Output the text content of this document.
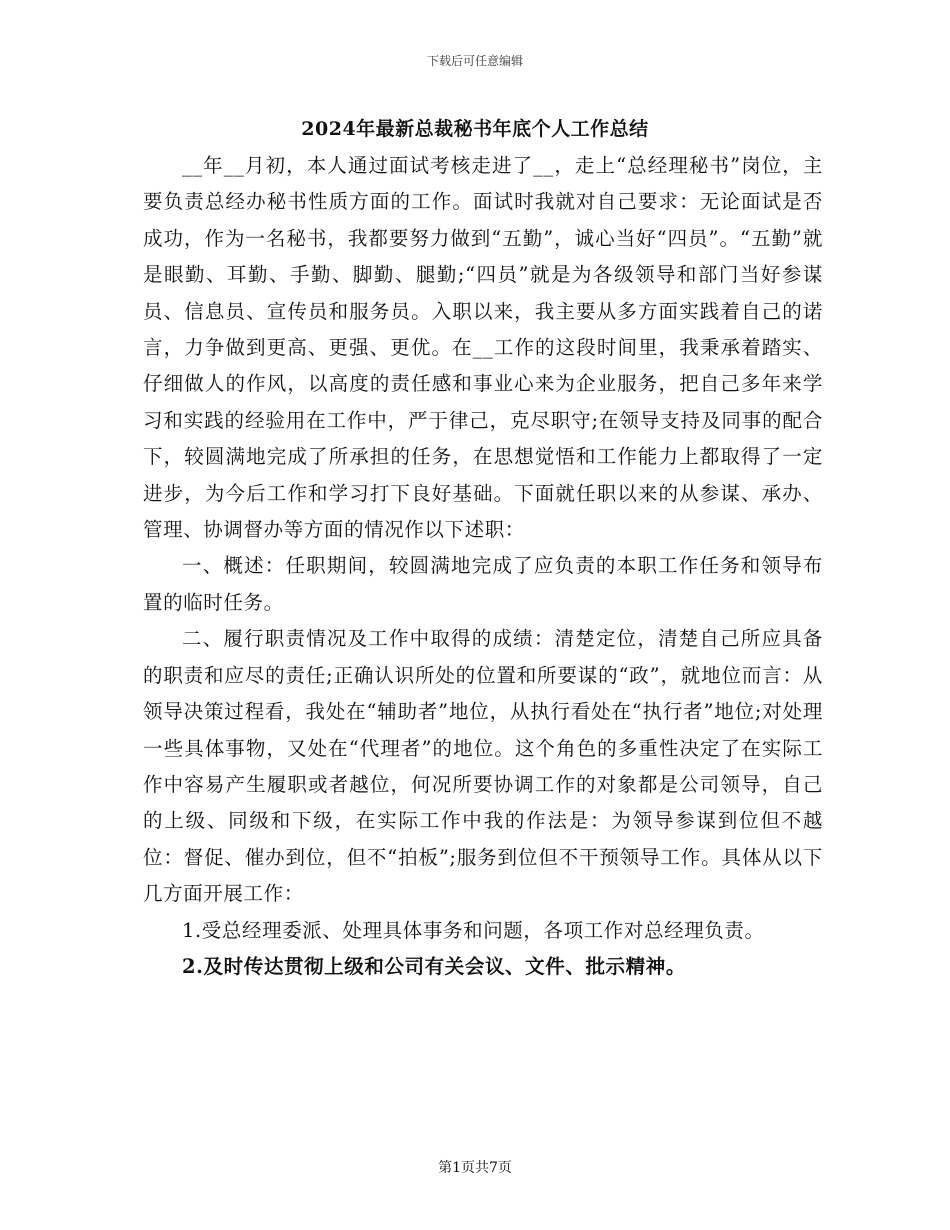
下载后可任意编辑
2024年最新总裁秘书年底个人工作总结

__年__月初，本人通过面试考核走进了__，走上“总经理秘书”岗位，主要负责总经办秘书性质方面的工作。面试时我就对自己要求：无论面试是否成功，作为一名秘书，我都要努力做到“五勤”，诚心当好“四员”。“五勤”就是眼勤、耳勤、手勤、脚勤、腿勤;“四员”就是为各级领导和部门当好参谋员、信息员、宣传员和服务员。入职以来，我主要从多方面实践着自己的诺言，力争做到更高、更强、更优。在__工作的这段时间里，我秉承着踏实、仔细做人的作风，以高度的责任感和事业心来为企业服务，把自己多年来学习和实践的经验用在工作中，严于律己，克尽职守;在领导支持及同事的配合下，较圆满地完成了所承担的任务，在思想觉悟和工作能力上都取得了一定进步，为今后工作和学习打下良好基础。下面就任职以来的从参谋、承办、管理、协调督办等方面的情况作以下述职：

一、概述：任职期间，较圆满地完成了应负责的本职工作任务和领导布置的临时任务。

二、履行职责情况及工作中取得的成绩：清楚定位，清楚自己所应具备的职责和应尽的责任;正确认识所处的位置和所要谋的“政”，就地位而言：从领导决策过程看，我处在“辅助者”地位，从执行看处在“执行者”地位;对处理一些具体事物，又处在“代理者”的地位。这个角色的多重性决定了在实际工作中容易产生履职或者越位，何况所要协调工作的对象都是公司领导，自己的上级、同级和下级，在实际工作中我的作法是：为领导参谋到位但不越位：督促、催办到位，但不“拍板”;服务到位但不干预领导工作。具体从以下几方面开展工作：

1.受总经理委派、处理具体事务和问题，各项工作对总经理负责。

2.及时传达贯彻上级和公司有关会议、文件、批示精神。

第1页共7页
